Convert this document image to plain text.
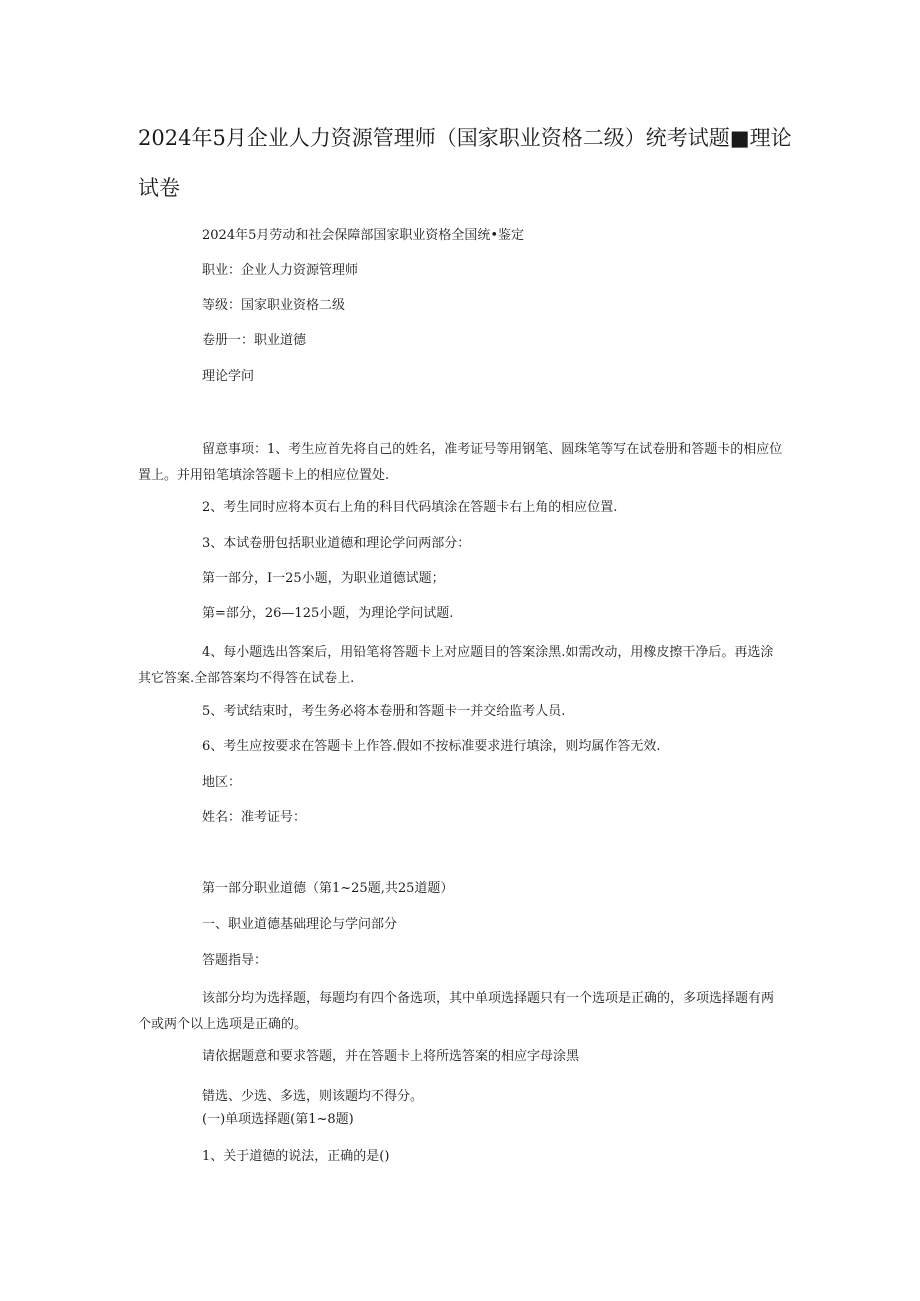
2024年5月企业人力资源管理师（国家职业资格二级）统考试题■理论
试卷
2024年5月劳动和社会保障部国家职业资格全国统•鉴定
职业：企业人力资源管理师
等级：国家职业资格二级
卷册一：职业道德
理论学问
留意事项：1、考生应首先将自己的姓名，准考证号等用钢笔、圆珠笔等写在试卷册和答题卡的相应位置上。并用铅笔填涂答题卡上的相应位置处.
2、考生同时应将本页右上角的科目代码填涂在答题卡右上角的相应位置.
3、本试卷册包括职业道德和理论学问两部分：
第一部分，I一25小题，为职业道德试题；
第=部分，26—125小题，为理论学问试题.
4、每小题选出答案后，用铅笔将答题卡上对应题目的答案涂黑.如需改动，用橡皮擦干净后。再选涂其它答案.全部答案均不得答在试卷上.
5、考试结束时，考生务必将本卷册和答题卡一并交给监考人员.
6、考生应按要求在答题卡上作答.假如不按标准要求进行填涂，则均属作答无效.
地区：
姓名：准考证号：
第一部分职业道德（第1~25题,共25道题）
一、职业道德基础理论与学问部分
答题指导：
该部分均为选择题，每题均有四个备选项，其中单项选择题只有一个选项是正确的，多项选择题有两个或两个以上选项是正确的。
请依据题意和要求答题，并在答题卡上将所选答案的相应字母涂黑
错选、少选、多选，则该题均不得分。
(一)单项选择题(第1~8题)
1、关于道德的说法，正确的是()
